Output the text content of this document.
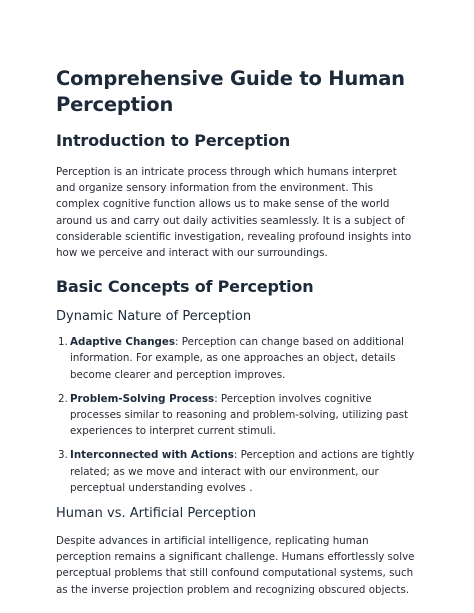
Comprehensive Guide to Human Perception
Introduction to Perception

Perception is an intricate process through which humans interpret and organize sensory information from the environment. This complex cognitive function allows us to make sense of the world around us and carry out daily activities seamlessly. It is a subject of considerable scientific investigation, revealing profound insights into how we perceive and interact with our surroundings.

Basic Concepts of Perception
Dynamic Nature of Perception
1. Adaptive Changes: Perception can change based on additional information. For example, as one approaches an object, details become clearer and perception improves.
2. Problem-Solving Process: Perception involves cognitive processes similar to reasoning and problem-solving, utilizing past experiences to interpret current stimuli.
3. Interconnected with Actions: Perception and actions are tightly related; as we move and interact with our environment, our perceptual understanding evolves .
Human vs. Artificial Perception

Despite advances in artificial intelligence, replicating human perception remains a significant challenge. Humans effortlessly solve perceptual problems that still confound computational systems, such as the inverse projection problem and recognizing obscured objects.
